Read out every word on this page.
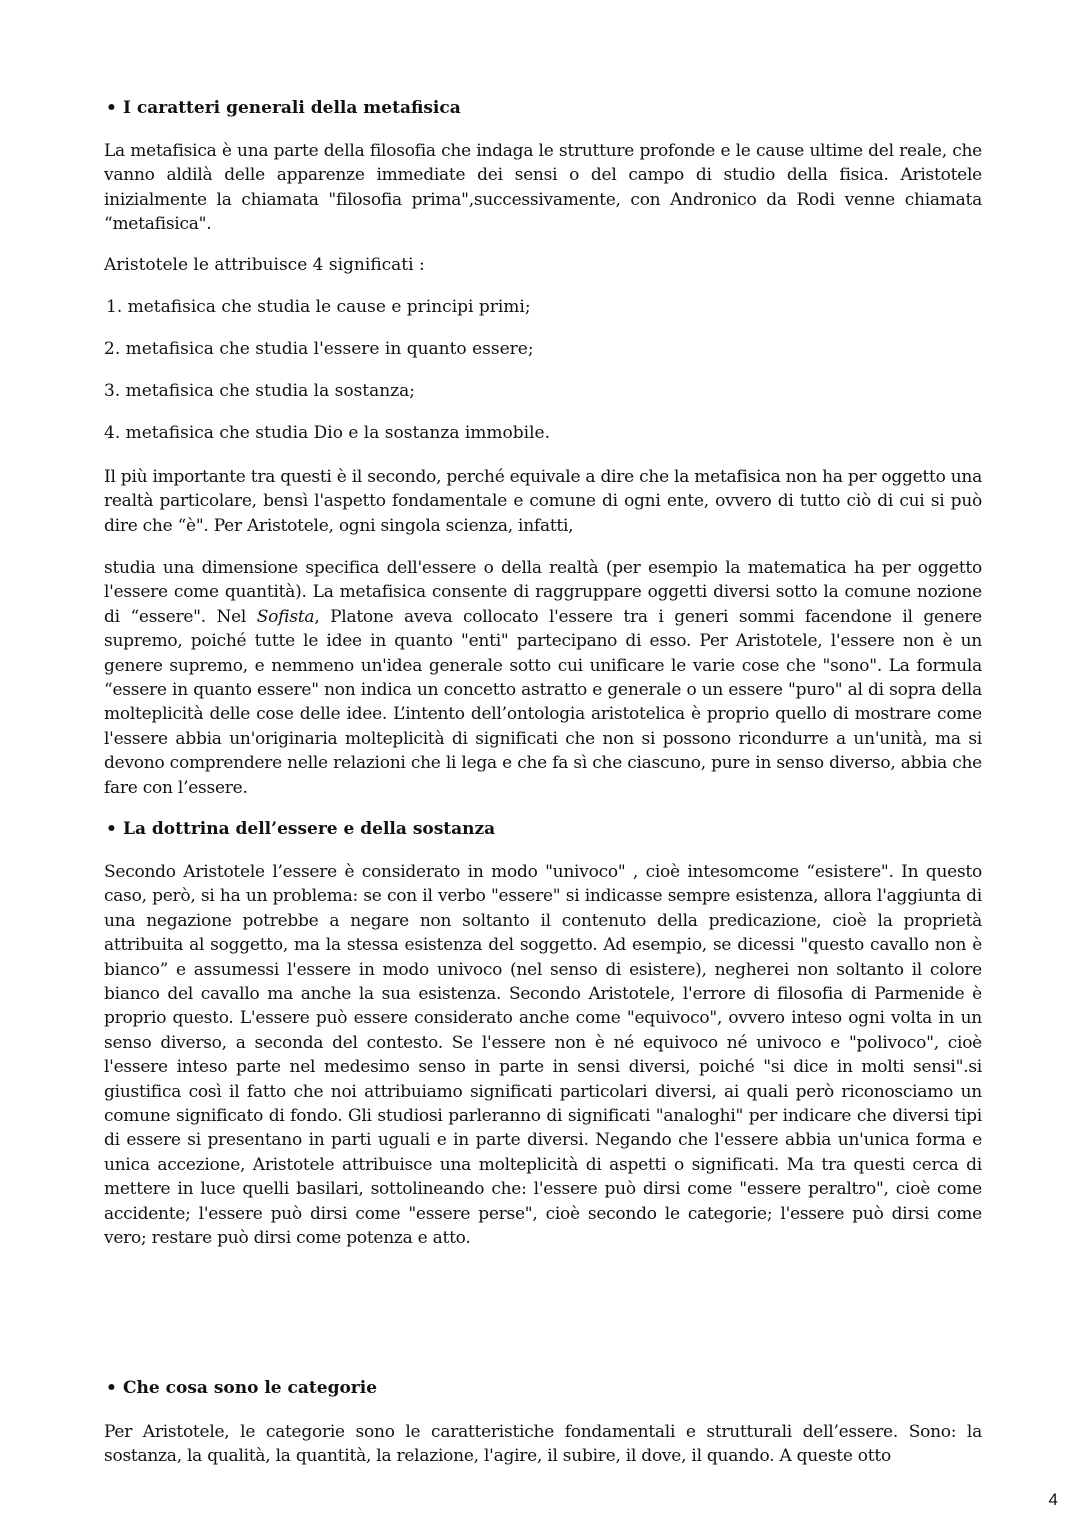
• I caratteri generali della metafisica

La metafisica è una parte della filosofia che indaga le strutture profonde e le cause ultime del reale, che vanno aldilà delle apparenze immediate dei sensi o del campo di studio della fisica. Aristotele inizialmente la chiamata "filosofia prima",successivamente, con Andronico da Rodi venne chiamata “metafisica".

Aristotele le attribuisce 4 significati :

1. metafisica che studia le cause e principi primi;

2. metafisica che studia l'essere in quanto essere;

3. metafisica che studia la sostanza;

4. metafisica che studia Dio e la sostanza immobile.

Il più importante tra questi è il secondo, perché equivale a dire che la metafisica non ha per oggetto una realtà particolare, bensì l'aspetto fondamentale e comune di ogni ente, ovvero di tutto ciò di cui si può dire che “è". Per Aristotele, ogni singola scienza, infatti,

studia una dimensione specifica dell'essere o della realtà (per esempio la matematica ha per oggetto l'essere come quantità). La metafisica consente di raggruppare oggetti diversi sotto la comune nozione di “essere". Nel Sofista, Platone aveva collocato l'essere tra i generi sommi facendone il genere supremo, poiché tutte le idee in quanto "enti" partecipano di esso. Per Aristotele, l'essere non è un genere supremo, e nemmeno un'idea generale sotto cui unificare le varie cose che "sono". La formula “essere in quanto essere" non indica un concetto astratto e generale o un essere "puro" al di sopra della molteplicità delle cose delle idee. L’intento dell’ontologia aristotelica è proprio quello di mostrare come l'essere abbia un'originaria molteplicità di significati che non si possono ricondurre a un'unità, ma si devono comprendere nelle relazioni che li lega e che fa sì che ciascuno, pure in senso diverso, abbia che fare con l’essere.

• La dottrina dell’essere e della sostanza

Secondo Aristotele l’essere è considerato in modo "univoco" , cioè intesomcome “esistere". In questo caso, però, si ha un problema: se con il verbo "essere" si indicasse sempre esistenza, allora l'aggiunta di una negazione potrebbe a negare non soltanto il contenuto della predicazione, cioè la proprietà attribuita al soggetto, ma la stessa esistenza del soggetto. Ad esempio, se dicessi "questo cavallo non è bianco” e assumessi l'essere in modo univoco (nel senso di esistere), negherei non soltanto il colore bianco del cavallo ma anche la sua esistenza. Secondo Aristotele, l'errore di filosofia di Parmenide è proprio questo. L'essere può essere considerato anche come "equivoco", ovvero inteso ogni volta in un senso diverso, a seconda del contesto. Se l'essere non è né equivoco né univoco e "polivoco", cioè l'essere inteso parte nel medesimo senso in parte in sensi diversi, poiché "si dice in molti sensi".si giustifica così il fatto che noi attribuiamo significati particolari diversi, ai quali però riconosciamo un comune significato di fondo. Gli studiosi parleranno di significati "analoghi" per indicare che diversi tipi di essere si presentano in parti uguali e in parte diversi. Negando che l'essere abbia un'unica forma e unica accezione, Aristotele attribuisce una molteplicità di aspetti o significati. Ma tra questi cerca di mettere in luce quelli basilari, sottolineando che: l'essere può dirsi come "essere peraltro", cioè come accidente; l'essere può dirsi come "essere perse", cioè secondo le categorie; l'essere può dirsi come vero; restare può dirsi come potenza e atto.

• Che cosa sono le categorie

Per Aristotele, le categorie sono le caratteristiche fondamentali e strutturali dell’essere. Sono: la sostanza, la qualità, la quantità, la relazione, l'agire, il subire, il dove, il quando. A queste otto

4
